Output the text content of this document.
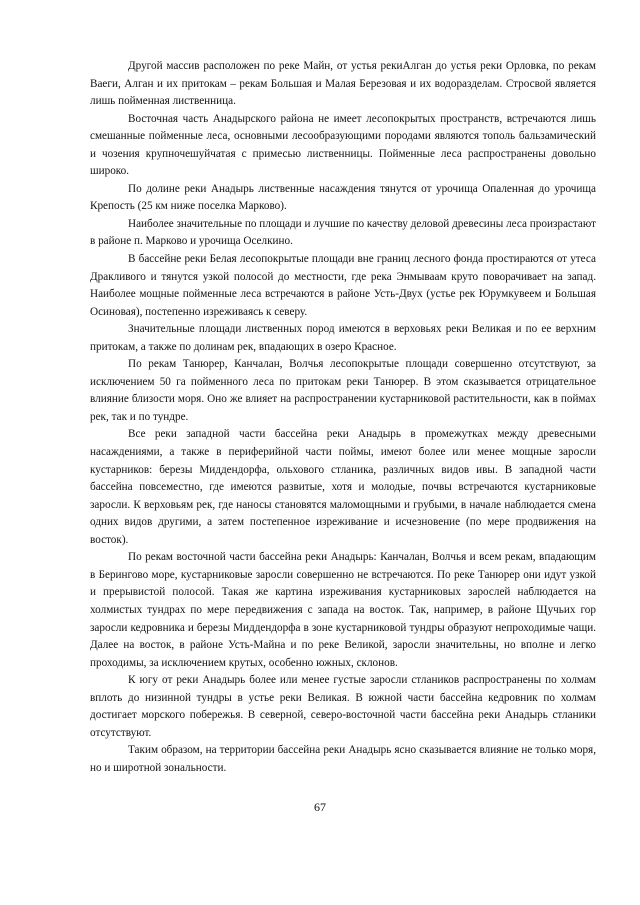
Другой массив расположен по реке Майн, от устья рекиАлган до устья реки Орловка, по рекам Ваеги, Алган и их притокам – рекам Большая и Малая Березовая и их водоразделам. Стросвой является лишь пойменная лиственница.

Восточная часть Анадырского района не имеет лесопокрытых пространств, встречаются лишь смешанные пойменные леса, основными лесообразующими породами являются тополь бальзамический и чозения крупночешуйчатая с примесью лиственницы. Пойменные леса распространены довольно широко.

По долине реки Анадырь лиственные насаждения тянутся от урочища Опаленная до урочища Крепость (25 км ниже поселка Марково).

Наиболее значительные по площади и лучшие по качеству деловой древесины леса произрастают в районе п. Марково и урочища Оселкино.

В бассейне реки Белая лесопокрытые площади вне границ лесного фонда простираются от утеса Дракливого и тянутся узкой полосой до местности, где река Энмываам круто поворачивает на запад. Наиболее мощные пойменные леса встречаются в районе Усть-Двух (устье рек Юрумкувеем и Большая Осиновая), постепенно изреживаясь к северу.

Значительные площади лиственных пород имеются в верховьях реки Великая и по ее верхним притокам, а также по долинам рек, впадающих в озеро Красное.

По рекам Танюрер, Канчалан, Волчья лесопокрытые площади совершенно отсутствуют, за исключением 50 га пойменного леса по притокам реки Танюрер. В этом сказывается отрицательное влияние близости моря. Оно же влияет на распространении кустарниковой растительности, как в поймах рек, так и по тундре.

Все реки западной части бассейна реки Анадырь в промежутках между древесными насаждениями, а также в периферийной части поймы, имеют более или менее мощные заросли кустарников: березы Миддендорфа, ольхового стланика, различных видов ивы. В западной части бассейна повсеместно, где имеются развитые, хотя и молодые, почвы встречаются кустарниковые заросли. К верховьям рек, где наносы становятся маломощными и грубыми, в начале наблюдается смена одних видов другими, а затем постепенное изреживание и исчезновение (по мере продвижения на восток).

По рекам восточной части бассейна реки Анадырь: Канчалан, Волчья и всем рекам, впадающим в Берингово море, кустарниковые заросли совершенно не встречаются. По реке Танюрер они идут узкой и прерывистой полосой. Такая же картина изреживания кустарниковых зарослей наблюдается на холмистых тундрах по мере передвижения с запада на восток. Так, например, в районе Щучьих гор заросли кедровника и березы Миддендорфа в зоне кустарниковой тундры образуют непроходимые чащи. Далее на восток, в районе Усть-Майна и по реке Великой, заросли значительны, но вполне и легко проходимы, за исключением крутых, особенно южных, склонов.

К югу от реки Анадырь более или менее густые заросли стлаников распространены по холмам вплоть до низинной тундры в устье реки Великая. В южной части бассейна кедровник по холмам достигает морского побережья. В северной, северо-восточной части бассейна реки Анадырь стланики отсутствуют.

Таким образом, на территории бассейна реки Анадырь ясно сказывается влияние не только моря, но и широтной зональности.

67
